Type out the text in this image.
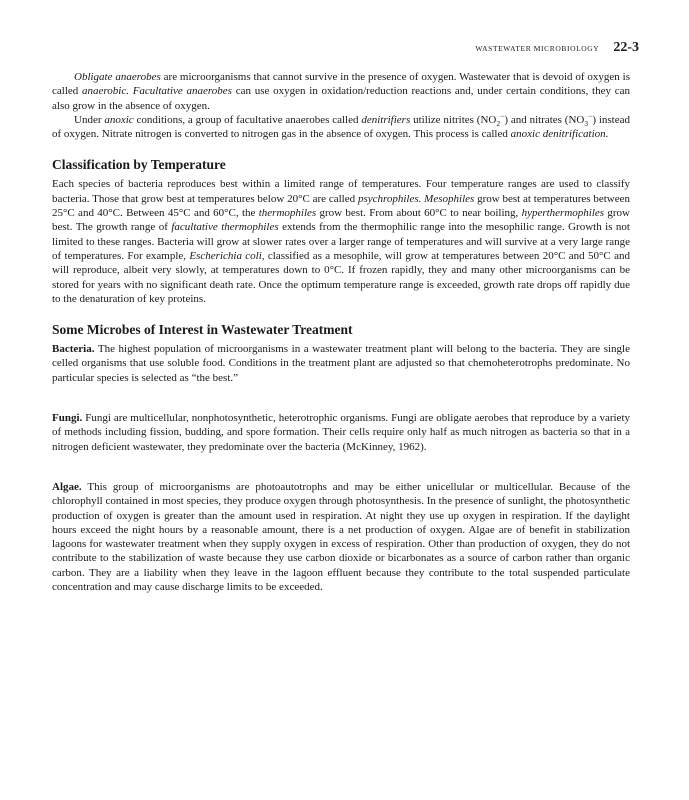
WASTEWATER MICROBIOLOGY 22-3

Obligate anaerobes are microorganisms that cannot survive in the presence of oxygen. Wastewater that is devoid of oxygen is called anaerobic. Facultative anaerobes can use oxygen in oxidation/reduction reactions and, under certain conditions, they can also grow in the absence of oxygen.

Under anoxic conditions, a group of facultative anaerobes called denitrifiers utilize nitrites $(NO_2^-)$ and nitrates $(NO_3^-)$ instead of oxygen. Nitrate nitrogen is converted to nitrogen gas in the absence of oxygen. This process is called anoxic denitrification.

Classification by Temperature

Each species of bacteria reproduces best within a limited range of temperatures. Four temperature ranges are used to classify bacteria. Those that grow best at temperatures below 20°C are called psychrophiles. Mesophiles grow best at temperatures between 25°C and 40°C. Between 45°C and 60°C, the thermophiles grow best. From about 60°C to near boiling, hyperthermophiles grow best. The growth range of facultative thermophiles extends from the thermophilic range into the mesophilic range. Growth is not limited to these ranges. Bacteria will grow at slower rates over a larger range of temperatures and will survive at a very large range of temperatures. For example, Escherichia coli, classified as a mesophile, will grow at temperatures between 20°C and 50°C and will reproduce, albeit very slowly, at temperatures down to 0°C. If frozen rapidly, they and many other microorganisms can be stored for years with no significant death rate. Once the optimum temperature range is exceeded, growth rate drops off rapidly due to the denaturation of key proteins.

Some Microbes of Interest in Wastewater Treatment

Bacteria. The highest population of microorganisms in a wastewater treatment plant will belong to the bacteria. They are single celled organisms that use soluble food. Conditions in the treatment plant are adjusted so that chemoheterotrophs predominate. No particular species is selected as “the best.”

Fungi. Fungi are multicellular, nonphotosynthetic, heterotrophic organisms. Fungi are obligate aerobes that reproduce by a variety of methods including fission, budding, and spore formation. Their cells require only half as much nitrogen as bacteria so that in a nitrogen deficient wastewater, they predominate over the bacteria (McKinney, 1962).

Algae. This group of microorganisms are photoautotrophs and may be either unicellular or multicellular. Because of the chlorophyll contained in most species, they produce oxygen through photosynthesis. In the presence of sunlight, the photosynthetic production of oxygen is greater than the amount used in respiration. At night they use up oxygen in respiration. If the daylight hours exceed the night hours by a reasonable amount, there is a net production of oxygen. Algae are of benefit in stabilization lagoons for wastewater treatment when they supply oxygen in excess of respiration. Other than production of oxygen, they do not contribute to the stabilization of waste because they use carbon dioxide or bicarbonates as a source of carbon rather than organic carbon. They are a liability when they leave in the lagoon effluent because they contribute to the total suspended particulate concentration and may cause discharge limits to be exceeded.
